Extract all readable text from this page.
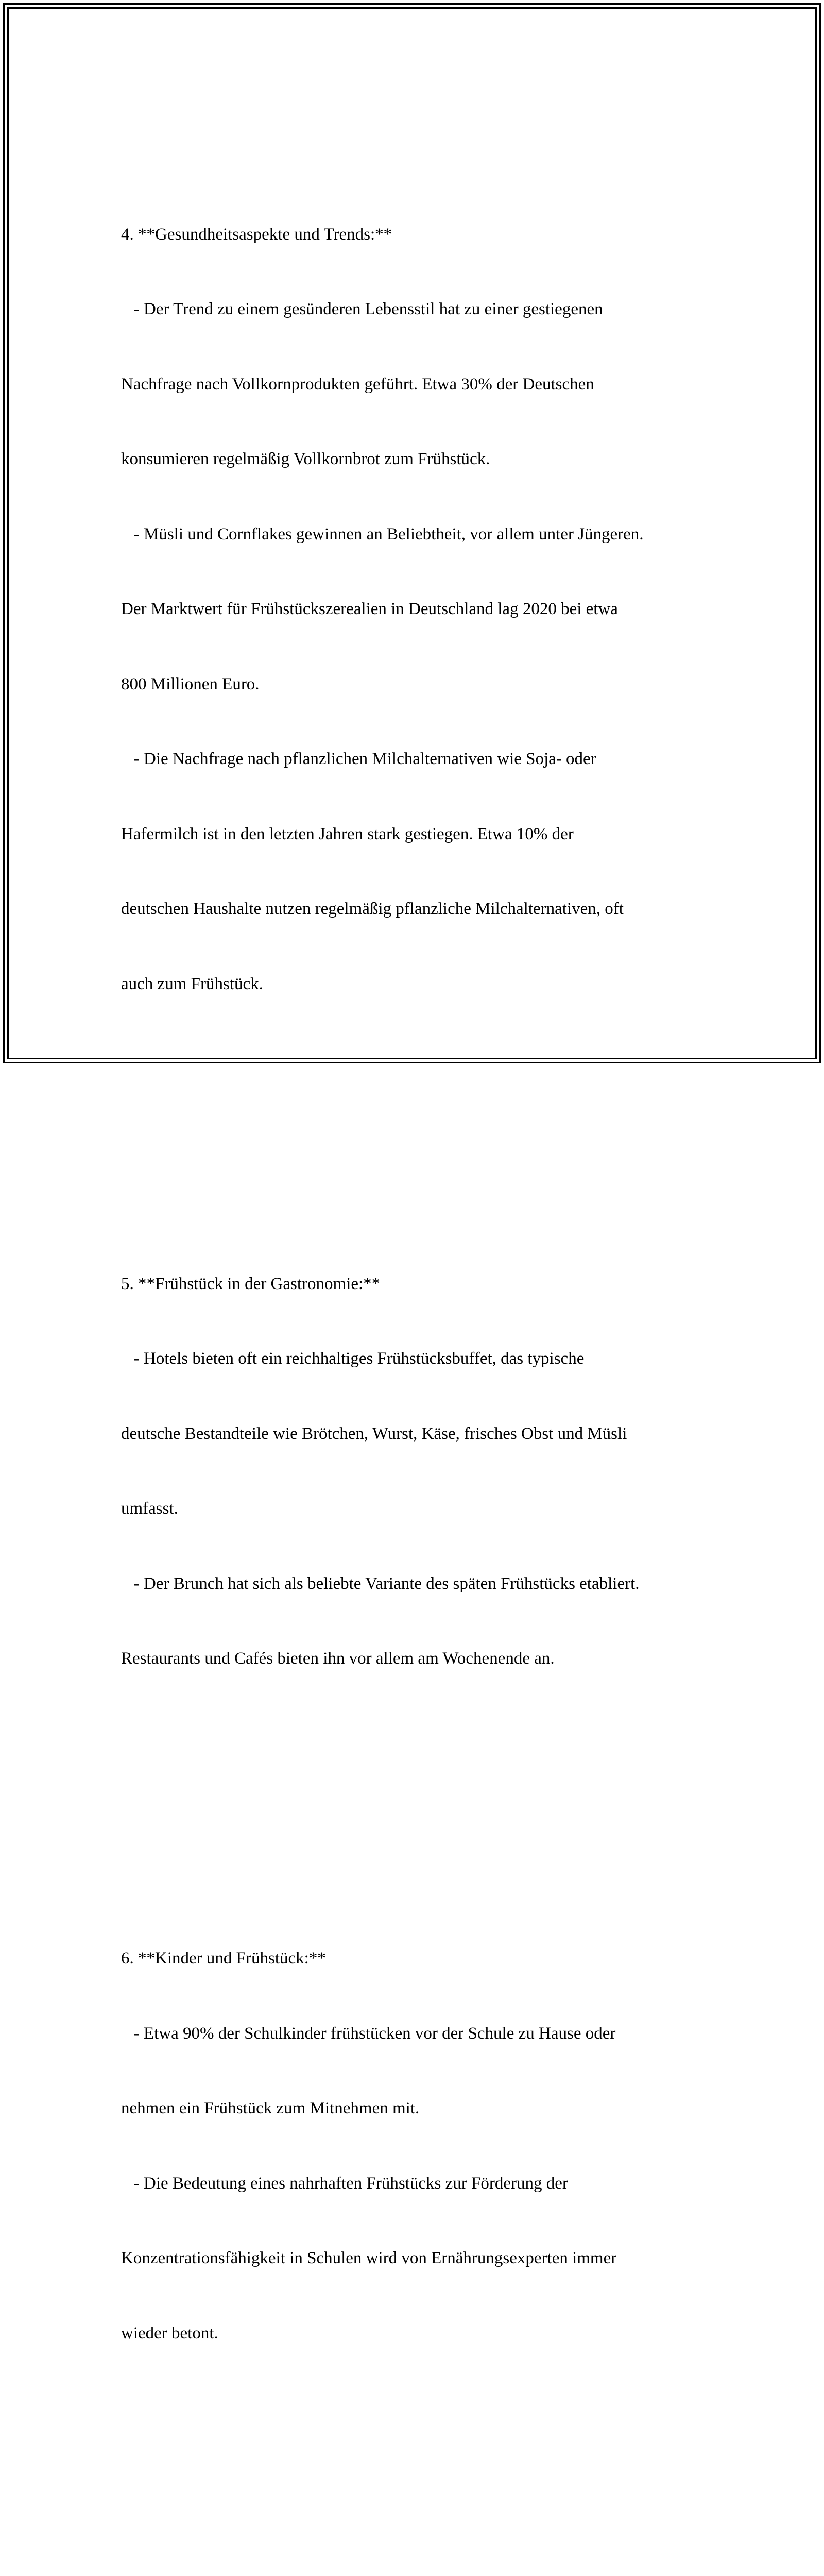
4. **Gesundheitsaspekte und Trends:**

- Der Trend zu einem gesünderen Lebensstil hat zu einer gestiegenen

Nachfrage nach Vollkornprodukten geführt. Etwa 30% der Deutschen

konsumieren regelmäßig Vollkornbrot zum Frühstück.

- Müsli und Cornflakes gewinnen an Beliebtheit, vor allem unter Jüngeren.

Der Marktwert für Frühstückszerealien in Deutschland lag 2020 bei etwa

800 Millionen Euro.

- Die Nachfrage nach pflanzlichen Milchalternativen wie Soja- oder

Hafermilch ist in den letzten Jahren stark gestiegen. Etwa 10% der

deutschen Haushalte nutzen regelmäßig pflanzliche Milchalternativen, oft

auch zum Frühstück.

5. **Frühstück in der Gastronomie:**

- Hotels bieten oft ein reichhaltiges Frühstücksbuffet, das typische

deutsche Bestandteile wie Brötchen, Wurst, Käse, frisches Obst und Müsli

umfasst.

- Der Brunch hat sich als beliebte Variante des späten Frühstücks etabliert.

Restaurants und Cafés bieten ihn vor allem am Wochenende an.

6. **Kinder und Frühstück:**

- Etwa 90% der Schulkinder frühstücken vor der Schule zu Hause oder

nehmen ein Frühstück zum Mitnehmen mit.

- Die Bedeutung eines nahrhaften Frühstücks zur Förderung der

Konzentrationsfähigkeit in Schulen wird von Ernährungsexperten immer

wieder betont.
